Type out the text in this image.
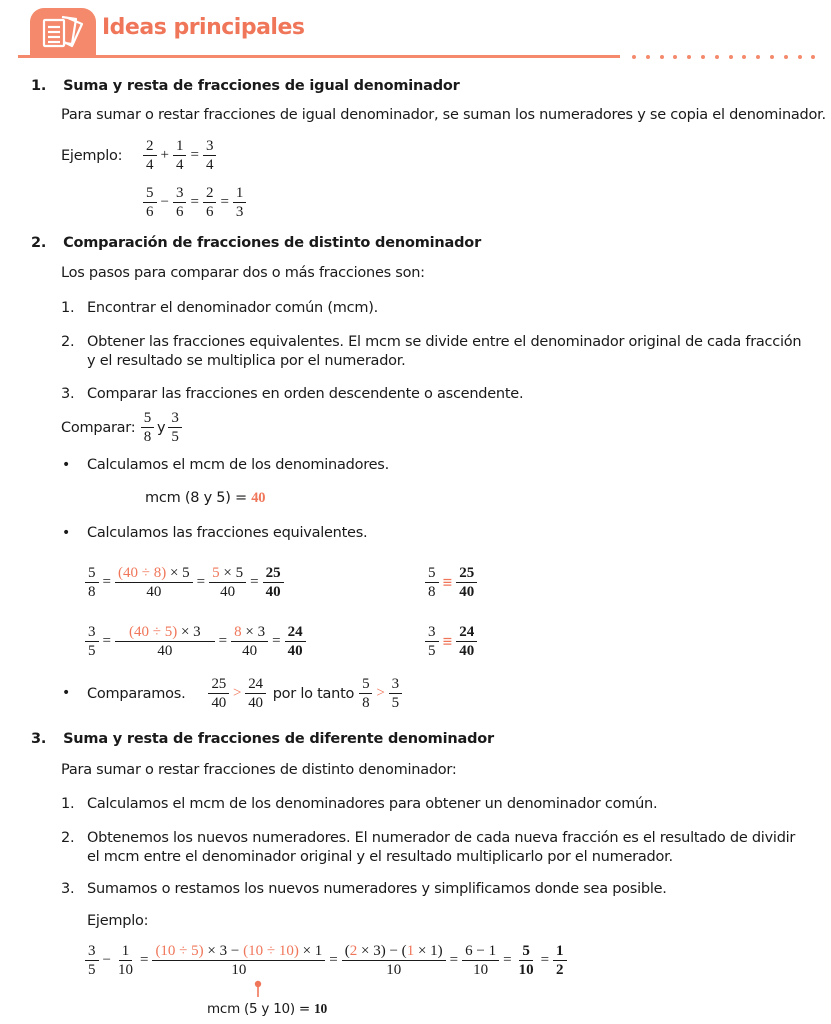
Ideas principales
1. Suma y resta de fracciones de igual denominador
Para sumar o restar fracciones de igual denominador, se suman los numeradores y se copia el denominador.
Ejemplo:
2
4
+ $\frac{1}{4} = \frac{3}{4}$
5
6
− $\frac{3}{6} = \frac{2}{6} = \frac{1}{3}$
2. Comparación de fracciones de distinto denominador
Los pasos para comparar dos o más fracciones son:
1. Encontrar el denominador común (mcm).
2. Obtener las fracciones equivalentes. El mcm se divide entre el denominador original de cada fracción
y el resultado se multiplica por el numerador.
3. Comparar las fracciones en orden descendente o ascendente.
Comparar:

5
8
y
3
5
• Calculamos el mcm de los denominadores.
mcm (8 y 5) = 40
• Calculamos las fracciones equivalentes.
$\frac{5}{8} = \frac{(40 \div 8) \times 5}{40} = \frac{5 \times 5}{40} = \frac{25}{40}$
$\frac{3}{5} = \frac{(40 \div 5) \times 3}{40} = \frac{8 \times 3}{40} = \frac{24}{40}$
5
8
≡ 25
40
3
5
≡ 24
40
• Comparamos.
25
40
>
24
40
por lo tanto
5
8
>
3
5
3. Suma y resta de fracciones de diferente denominador
Para sumar o restar fracciones de distinto denominador:
1. Calculamos el mcm de los denominadores para obtener un denominador común.
2. Obtenemos los nuevos numeradores. El numerador de cada nueva fracción es el resultado de dividir
el mcm entre el denominador original y el resultado multiplicarlo por el numerador.
3. Sumamos o restamos los nuevos numeradores y simplificamos donde sea posible.
Ejemplo:
3
5
− $\frac{1}{10} = \frac{(10 \div 5) \times 3 - (10 \div 10) \times 1}{10} = \frac{(2 \times 3) - (1 \times 1)}{10} = \frac{6 - 1}{10} = \frac{5}{10} = \frac{1}{2}$
mcm (5 y 10) = 10
